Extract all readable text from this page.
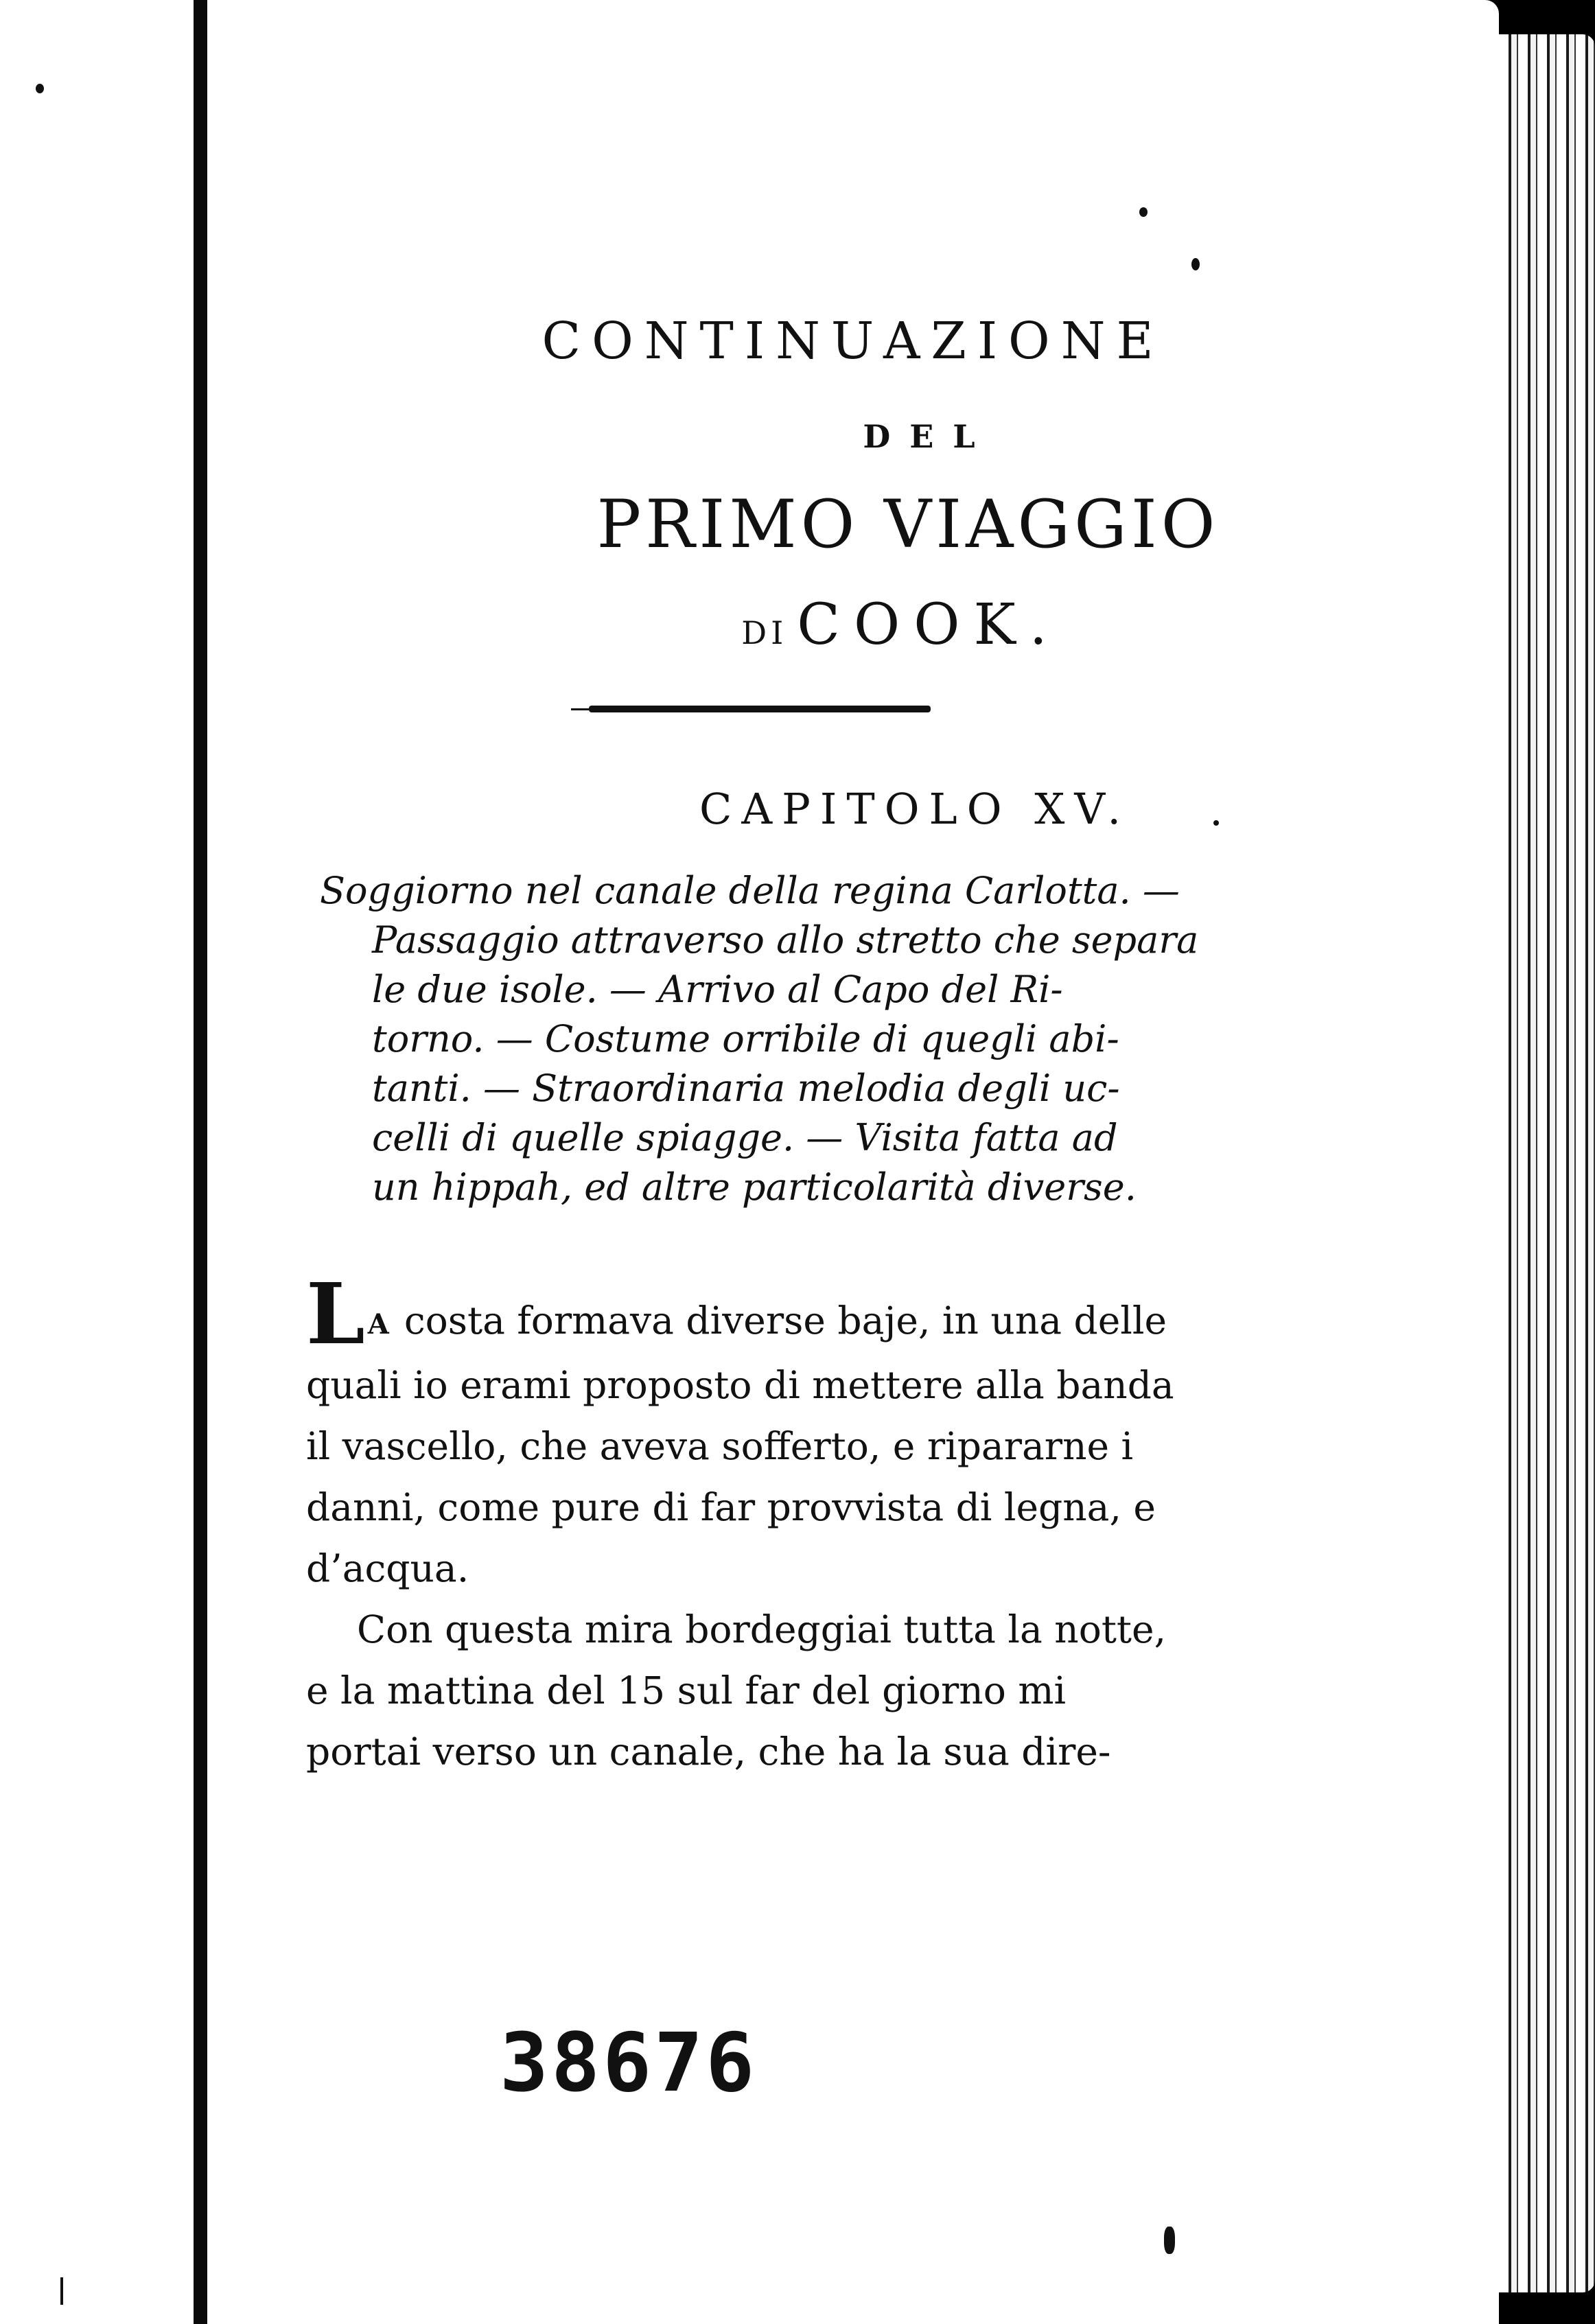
CONTINUAZIONE
DEL
PRIMO VIAGGIO
DI COOK.
CAPITOLO XV.
Soggiorno nel canale della regina Carlotta. —
Passaggio attraverso allo stretto che separa
le due isole. — Arrivo al Capo del Ri-
torno. — Costume orribile di quegli abi-
tanti. — Straordinaria melodia degli uc-
celli di quelle spiagge. — Visita fatta ad
un hippah, ed altre particolarità diverse.
L A costa formava diverse baje, in una delle
quali io erami proposto di mettere alla banda
il vascello, che aveva sofferto, e ripararne i
danni, come pure di far provvista di legna, e
d’acqua.
Con questa mira bordeggiai tutta la notte,
e la mattina del 15 sul far del giorno mi
portai verso un canale, che ha la sua dire-
38676
